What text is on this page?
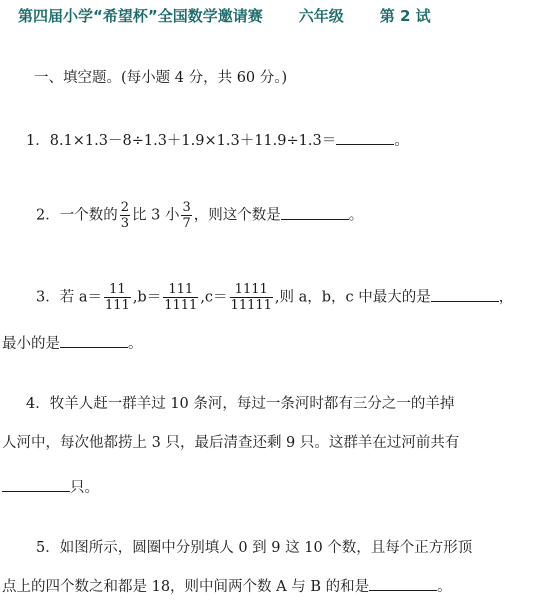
第四届小学“希望杯”全国数学邀请赛 六年级 第 2 试
一、填空题。(每小题 4 分，共 60 分。)
1．8.1×1.3－8÷1.3＋1.9×1.3＋11.9÷1.3＝	。
2．一个数的 $\frac{2}{3}$ 比 3 小 $\frac{3}{7}$ ，则这个数是	。
3．若 $a= \frac{11}{111} ,b= \frac{111}{1111} ,c= \frac{1111}{11111}$ ,则 a，b，c 中最大的是	，
最小的是	。
4．牧羊人赶一群羊过 10 条河，每过一条河时都有三分之一的羊掉
人河中，每次他都捞上 3 只，最后清查还剩 9 只。这群羊在过河前共有
只。
5．如图所示，圆圈中分别填人 0 到 9 这 10 个数，且每个正方形顶
点上的四个数之和都是 18，则中间两个数 A 与 B 的和是	。
